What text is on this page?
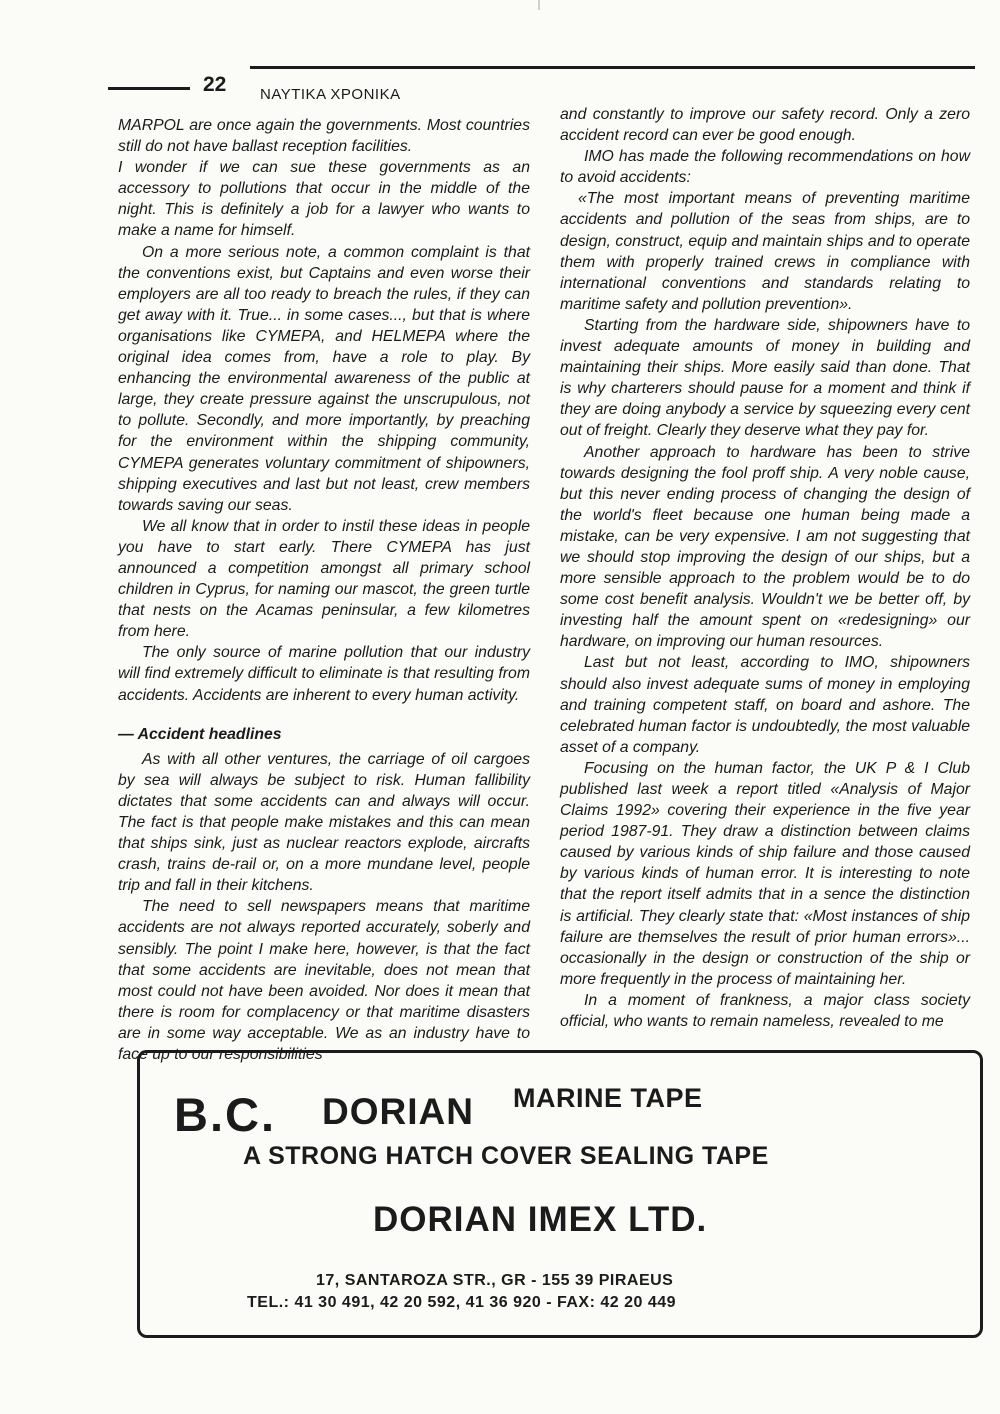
22 ΝΑΥΤΙΚΑ ΧΡΟΝΙΚΑ

MARPOL are once again the governments. Most countries still do not have ballast reception facilities.

I wonder if we can sue these governments as an accessory to pollutions that occur in the middle of the night. This is definitely a job for a lawyer who wants to make a name for himself.

On a more serious note, a common complaint is that the conventions exist, but Captains and even worse their employers are all too ready to breach the rules, if they can get away with it. True... in some cases..., but that is where organisations like CYMEPA, and HELMEPA where the original idea comes from, have a role to play. By enhancing the environmental awareness of the public at large, they create pressure against the unscrupulous, not to pollute. Secondly, and more importantly, by preaching for the environment within the shipping community, CYMEPA generates voluntary commitment of shipowners, shipping executives and last but not least, crew members towards saving our seas.

We all know that in order to instil these ideas in people you have to start early. There CYMEPA has just announced a competition amongst all primary school children in Cyprus, for naming our mascot, the green turtle that nests on the Acamas peninsular, a few kilometres from here.

The only source of marine pollution that our industry will find extremely difficult to eliminate is that resulting from accidents. Accidents are inherent to every human activity.

— Accident headlines

As with all other ventures, the carriage of oil cargoes by sea will always be subject to risk. Human fallibility dictates that some accidents can and always will occur. The fact is that people make mistakes and this can mean that ships sink, just as nuclear reactors explode, aircrafts crash, trains de-rail or, on a more mundane level, people trip and fall in their kitchens.

The need to sell newspapers means that maritime accidents are not always reported accurately, soberly and sensibly. The point I make here, however, is that the fact that some accidents are inevitable, does not mean that most could not have been avoided. Nor does it mean that there is room for complacency or that maritime disasters are in some way acceptable. We as an industry have to face up to our responsibilities

and constantly to improve our safety record. Only a zero accident record can ever be good enough.

IMO has made the following recommendations on how to avoid accidents:

«The most important means of preventing maritime accidents and pollution of the seas from ships, are to design, construct, equip and maintain ships and to operate them with properly trained crews in compliance with international conventions and standards relating to maritime safety and pollution prevention».

Starting from the hardware side, shipowners have to invest adequate amounts of money in building and maintaining their ships. More easily said than done. That is why charterers should pause for a moment and think if they are doing anybody a service by squeezing every cent out of freight. Clearly they deserve what they pay for.

Another approach to hardware has been to strive towards designing the fool proff ship. A very noble cause, but this never ending process of changing the design of the world's fleet because one human being made a mistake, can be very expensive. I am not suggesting that we should stop improving the design of our ships, but a more sensible approach to the problem would be to do some cost benefit analysis. Wouldn't we be better off, by investing half the amount spent on «redesigning» our hardware, on improving our human resources.

Last but not least, according to IMO, shipowners should also invest adequate sums of money in employing and training competent staff, on board and ashore. The celebrated human factor is undoubtedly, the most valuable asset of a company.

Focusing on the human factor, the UK P & I Club published last week a report titled «Analysis of Major Claims 1992» covering their experience in the five year period 1987-91. They draw a distinction between claims caused by various kinds of ship failure and those caused by various kinds of human error. It is interesting to note that the report itself admits that in a sence the distinction is artificial. They clearly state that: «Most instances of ship failure are themselves the result of prior human errors»... occasionally in the design or construction of the ship or more frequently in the process of maintaining her.

In a moment of frankness, a major class society official, who wants to remain nameless, revealed to me

B.C. DORIAN MARINE TAPE
A STRONG HATCH COVER SEALING TAPE
DORIAN IMEX LTD.
17, SANTAROZA STR., GR - 155 39 PIRAEUS
TEL.: 41 30 491, 42 20 592, 41 36 920 - FAX: 42 20 449
